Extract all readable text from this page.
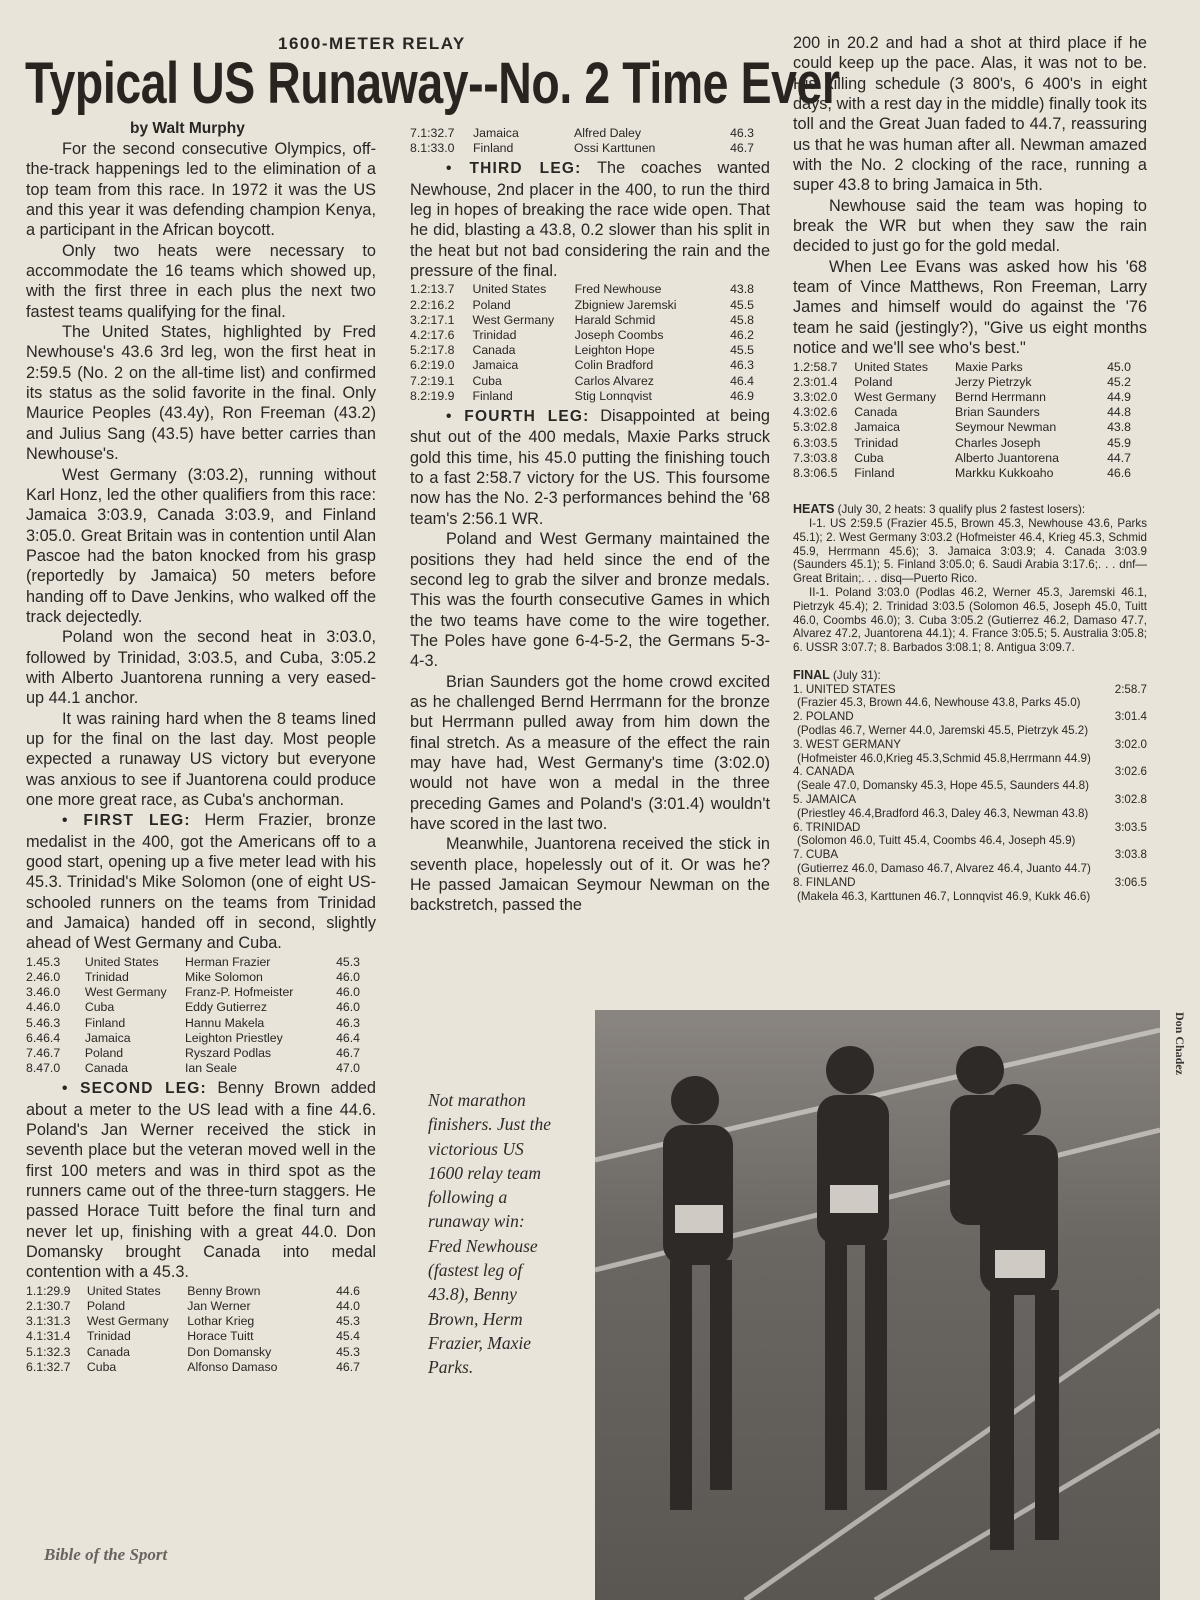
1600-METER RELAY
Typical US Runaway--No. 2 Time Ever
by Walt Murphy

For the second consecutive Olympics, off-the-track happenings led to the elimination of a top team from this race. In 1972 it was the US and this year it was defending champion Kenya, a participant in the African boycott.

Only two heats were necessary to accommodate the 16 teams which showed up, with the first three in each plus the next two fastest teams qualifying for the final.

The United States, highlighted by Fred Newhouse's 43.6 3rd leg, won the first heat in 2:59.5 (No. 2 on the all-time list) and confirmed its status as the solid favorite in the final. Only Maurice Peoples (43.4y), Ron Freeman (43.2) and Julius Sang (43.5) have better carries than Newhouse's.

West Germany (3:03.2), running without Karl Honz, led the other qualifiers from this race: Jamaica 3:03.9, Canada 3:03.9, and Finland 3:05.0. Great Britain was in contention until Alan Pascoe had the baton knocked from his grasp (reportedly by Jamaica) 50 meters before handing off to Dave Jenkins, who walked off the track dejectedly.

Poland won the second heat in 3:03.0, followed by Trinidad, 3:03.5, and Cuba, 3:05.2 with Alberto Juantorena running a very eased-up 44.1 anchor.

It was raining hard when the 8 teams lined up for the final on the last day. Most people expected a runaway US victory but everyone was anxious to see if Juantorena could produce one more great race, as Cuba's anchorman.

• FIRST LEG: Herm Frazier, bronze medalist in the 400, got the Americans off to a good start, opening up a five meter lead with his 45.3. Trinidad's Mike Solomon (one of eight US-schooled runners on the teams from Trinidad and Jamaica) handed off in second, slightly ahead of West Germany and Cuba.

1.45.3	United States	Herman Frazier	45.3
2.46.0	Trinidad	Mike Solomon	46.0
3.46.0	West Germany	Franz-P. Hofmeister	46.0
4.46.0	Cuba	Eddy Gutierrez	46.0
5.46.3	Finland	Hannu Makela	46.3
6.46.4	Jamaica	Leighton Priestley	46.4
7.46.7	Poland	Ryszard Podlas	46.7
8.47.0	Canada	Ian Seale	47.0

• SECOND LEG: Benny Brown added about a meter to the US lead with a fine 44.6. Poland's Jan Werner received the stick in seventh place but the veteran moved well in the first 100 meters and was in third spot as the runners came out of the three-turn staggers. He passed Horace Tuitt before the final turn and never let up, finishing with a great 44.0. Don Domansky brought Canada into medal contention with a 45.3.

1.1:29.9	United States	Benny Brown	44.6
2.1:30.7	Poland	Jan Werner	44.0
3.1:31.3	West Germany	Lothar Krieg	45.3
4.1:31.4	Trinidad	Horace Tuitt	45.4
5.1:32.3	Canada	Don Domansky	45.3
6.1:32.7	Cuba	Alfonso Damaso	46.7
7.1:32.7	Jamaica	Alfred Daley	46.3
8.1:33.0	Finland	Ossi Karttunen	46.7

• THIRD LEG: The coaches wanted Newhouse, 2nd placer in the 400, to run the third leg in hopes of breaking the race wide open. That he did, blasting a 43.8, 0.2 slower than his split in the heat but not bad considering the rain and the pressure of the final.

1.2:13.7	United States	Fred Newhouse	43.8
2.2:16.2	Poland	Zbigniew Jaremski	45.5
3.2:17.1	West Germany	Harald Schmid	45.8
4.2:17.6	Trinidad	Joseph Coombs	46.2
5.2:17.8	Canada	Leighton Hope	45.5
6.2:19.0	Jamaica	Colin Bradford	46.3
7.2:19.1	Cuba	Carlos Alvarez	46.4
8.2:19.9	Finland	Stig Lonnqvist	46.9

• FOURTH LEG: Disappointed at being shut out of the 400 medals, Maxie Parks struck gold this time, his 45.0 putting the finishing touch to a fast 2:58.7 victory for the US. This foursome now has the No. 2-3 performances behind the '68 team's 2:56.1 WR.

Poland and West Germany maintained the positions they had held since the end of the second leg to grab the silver and bronze medals. This was the fourth consecutive Games in which the two teams have come to the wire together. The Poles have gone 6-4-5-2, the Germans 5-3-4-3.

Brian Saunders got the home crowd excited as he challenged Bernd Herrmann for the bronze but Herrmann pulled away from him down the final stretch. As a measure of the effect the rain may have had, West Germany's time (3:02.0) would not have won a medal in the three preceding Games and Poland's (3:01.4) wouldn't have scored in the last two.

Meanwhile, Juantorena received the stick in seventh place, hopelessly out of it. Or was he? He passed Jamaican Seymour Newman on the backstretch, passed the

200 in 20.2 and had a shot at third place if he could keep up the pace. Alas, it was not to be. His killing schedule (3 800's, 6 400's in eight days, with a rest day in the middle) finally took its toll and the Great Juan faded to 44.7, reassuring us that he was human after all. Newman amazed with the No. 2 clocking of the race, running a super 43.8 to bring Jamaica in 5th.

Newhouse said the team was hoping to break the WR but when they saw the rain decided to just go for the gold medal.

When Lee Evans was asked how his '68 team of Vince Matthews, Ron Freeman, Larry James and himself would do against the '76 team he said (jestingly?), "Give us eight months notice and we'll see who's best."

1.2:58.7	United States	Maxie Parks	45.0
2.3:01.4	Poland	Jerzy Pietrzyk	45.2
3.3:02.0	West Germany	Bernd Herrmann	44.9
4.3:02.6	Canada	Brian Saunders	44.8
5.3:02.8	Jamaica	Seymour Newman	43.8
6.3:03.5	Trinidad	Charles Joseph	45.9
7.3:03.8	Cuba	Alberto Juantorena	44.7
8.3:06.5	Finland	Markku Kukkoaho	46.6
HEATS (July 30, 2 heats: 3 qualify plus 2 fastest losers):
I-1. US 2:59.5 (Frazier 45.5, Brown 45.3, Newhouse 43.6, Parks 45.1); 2. West Germany 3:03.2 (Hofmeister 46.4, Krieg 45.3, Schmid 45.9, Herrmann 45.6); 3. Jamaica 3:03.9; 4. Canada 3:03.9 (Saunders 45.1); 5. Finland 3:05.0; 6. Saudi Arabia 3:17.6;. . . dnf—Great Britain;. . . disq—Puerto Rico.
II-1. Poland 3:03.0 (Podlas 46.2, Werner 45.3, Jaremski 46.1, Pietrzyk 45.4); 2. Trinidad 3:03.5 (Solomon 46.5, Joseph 45.0, Tuitt 46.0, Coombs 46.0); 3. Cuba 3:05.2 (Gutierrez 46.2, Damaso 47.7, Alvarez 47.2, Juantorena 44.1); 4. France 3:05.5; 5. Australia 3:05.8; 6. USSR 3:07.7; 8. Barbados 3:08.1; 8. Antigua 3:09.7.
FINAL (July 31):
1. UNITED STATES	2:58.7
(Frazier 45.3, Brown 44.6, Newhouse 43.8, Parks 45.0)
2. POLAND	3:01.4
(Podlas 46.7, Werner 44.0, Jaremski 45.5, Pietrzyk 45.2)
3. WEST GERMANY	3:02.0
(Hofmeister 46.0,Krieg 45.3,Schmid 45.8,Herrmann 44.9)
4. CANADA	3:02.6
(Seale 47.0, Domansky 45.3, Hope 45.5, Saunders 44.8)
5. JAMAICA	3:02.8
(Priestley 46.4,Bradford 46.3, Daley 46.3, Newman 43.8)
6. TRINIDAD	3:03.5
(Solomon 46.0, Tuitt 45.4, Coombs 46.4, Joseph 45.9)
7. CUBA	3:03.8
(Gutierrez 46.0, Damaso 46.7, Alvarez 46.4, Juanto 44.7)
8. FINLAND	3:06.5
(Makela 46.3, Karttunen 46.7, Lonnqvist 46.9, Kukk 46.6)
Not marathon finishers. Just the victorious US 1600 relay team following a runaway win: Fred Newhouse (fastest leg of 43.8), Benny Brown, Herm Frazier, Maxie Parks.
Don Chadez
Bible of the Sport
